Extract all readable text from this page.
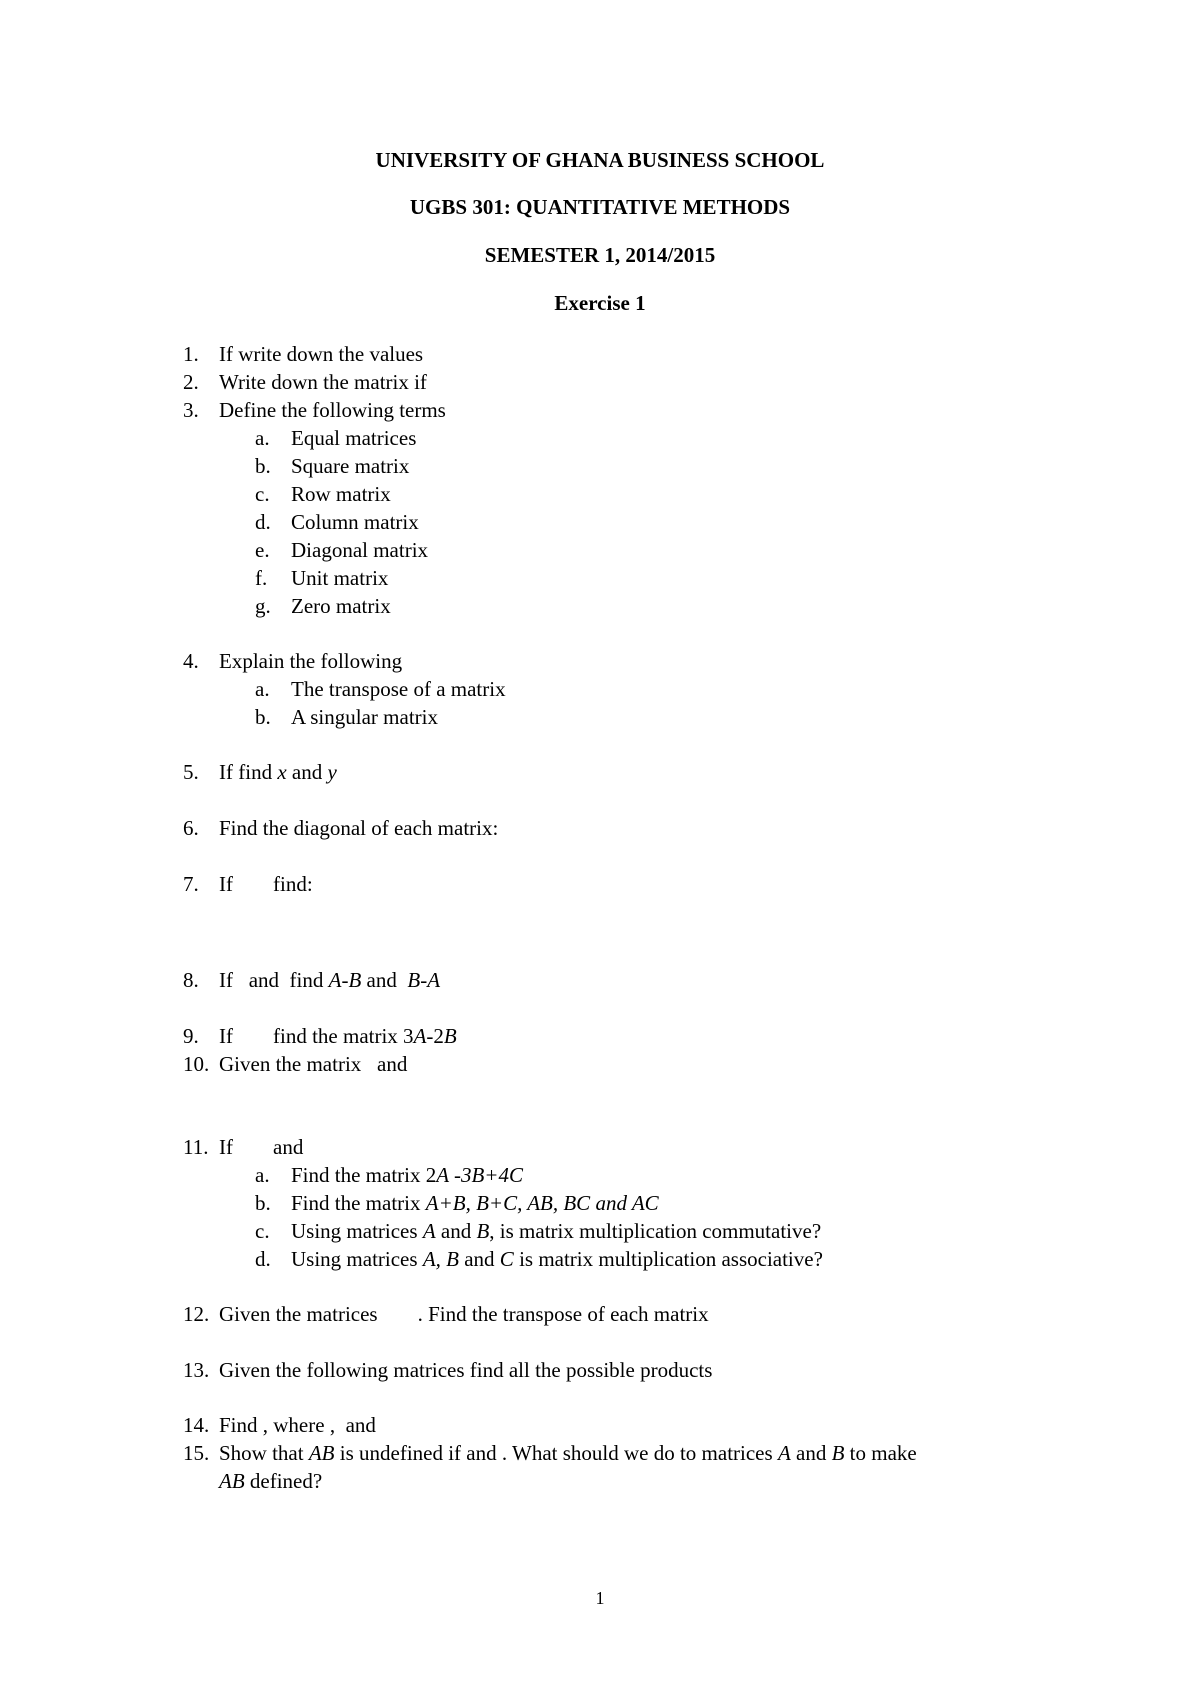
UNIVERSITY OF GHANA BUSINESS SCHOOL

UGBS 301: QUANTITATIVE METHODS

SEMESTER 1, 2014/2015

Exercise 1

1. If write down the values
2. Write down the matrix if
3. Define the following terms
a. Equal matrices
b. Square matrix
c. Row matrix
d. Column matrix
e. Diagonal matrix
f. Unit matrix
g. Zero matrix
4. Explain the following
a. The transpose of a matrix
b. A singular matrix
5. If find x and y
6. Find the diagonal of each matrix:
7. If find:
8. If   and  find A-B and  B-A
9. If find the matrix 3A-2B
10. Given the matrix   and
11. If and
a. Find the matrix 2A -3B+4C
b. Find the matrix A+B, B+C, AB, BC and AC
c. Using matrices A and B, is matrix multiplication commutative?
d. Using matrices A, B and C is matrix multiplication associative?
12. Given the matrices . Find the transpose of each matrix
13. Given the following matrices find all the possible products
14. Find , where ,  and
15. Show that AB is undefined if and . What should we do to matrices A and B to make
AB defined?
1
